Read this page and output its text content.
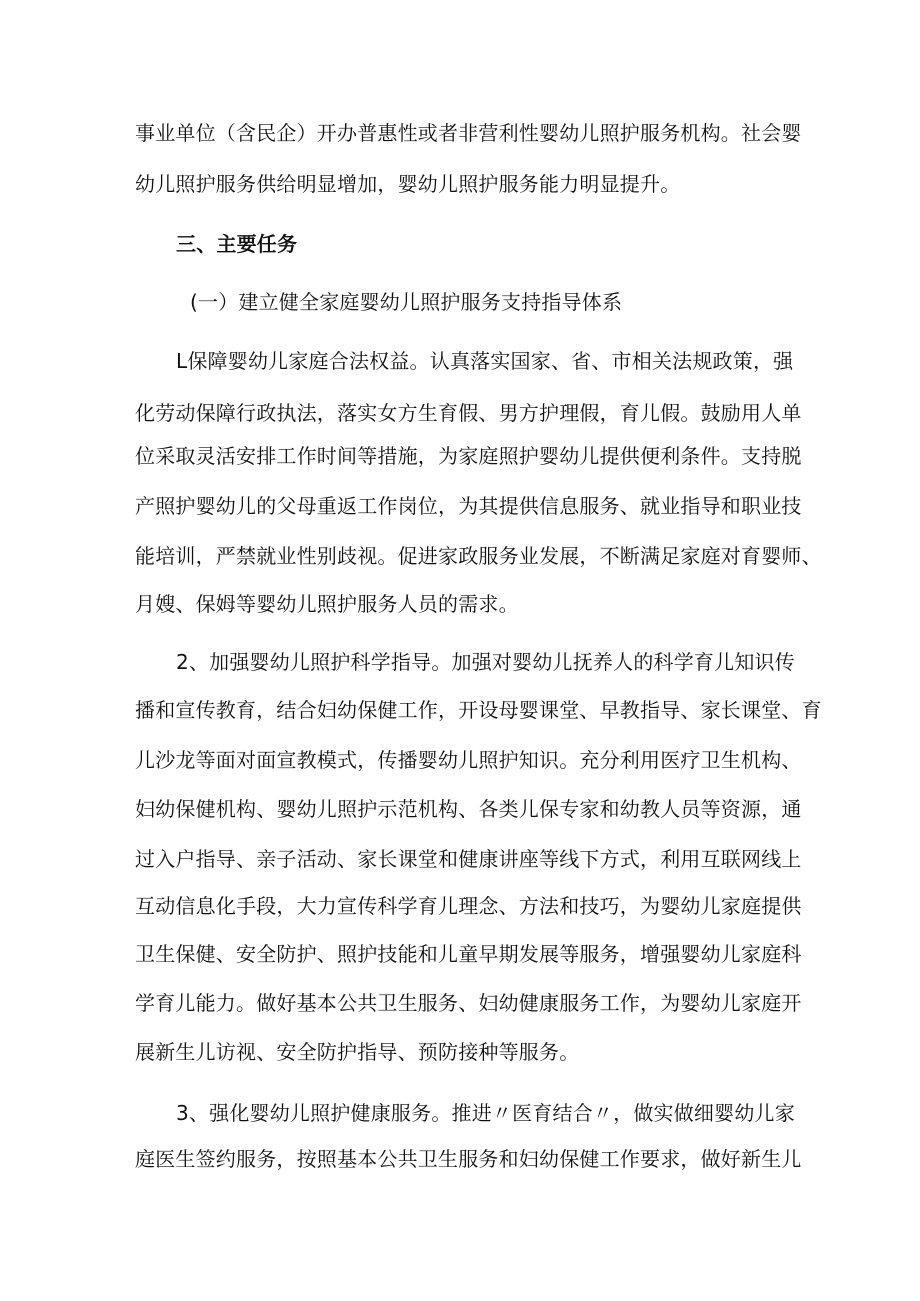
事业单位（含民企）开办普惠性或者非营利性婴幼儿照护服务机构。社会婴
幼儿照护服务供给明显增加，婴幼儿照护服务能力明显提升。
三、主要任务
(一）建立健全家庭婴幼儿照护服务支持指导体系
L保障婴幼儿家庭合法权益。认真落实国家、省、市相关法规政策，强
化劳动保障行政执法，落实女方生育假、男方护理假，育儿假。鼓励用人单
位采取灵活安排工作时间等措施，为家庭照护婴幼儿提供便利条件。支持脱
产照护婴幼儿的父母重返工作岗位，为其提供信息服务、就业指导和职业技
能培训，严禁就业性别歧视。促进家政服务业发展，不断满足家庭对育婴师、
月嫂、保姆等婴幼儿照护服务人员的需求。
2、加强婴幼儿照护科学指导。加强对婴幼儿抚养人的科学育儿知识传
播和宣传教育，结合妇幼保健工作，开设母婴课堂、早教指导、家长课堂、育
儿沙龙等面对面宣教模式，传播婴幼儿照护知识。充分利用医疗卫生机构、
妇幼保健机构、婴幼儿照护示范机构、各类儿保专家和幼教人员等资源，通
过入户指导、亲子活动、家长课堂和健康讲座等线下方式，利用互联网线上
互动信息化手段，大力宣传科学育儿理念、方法和技巧，为婴幼儿家庭提供
卫生保健、安全防护、照护技能和儿童早期发展等服务，增强婴幼儿家庭科
学育儿能力。做好基本公共卫生服务、妇幼健康服务工作，为婴幼儿家庭开
展新生儿访视、安全防护指导、预防接种等服务。
3、强化婴幼儿照护健康服务。推进〃医育结合〃，做实做细婴幼儿家
庭医生签约服务，按照基本公共卫生服务和妇幼保健工作要求，做好新生儿
